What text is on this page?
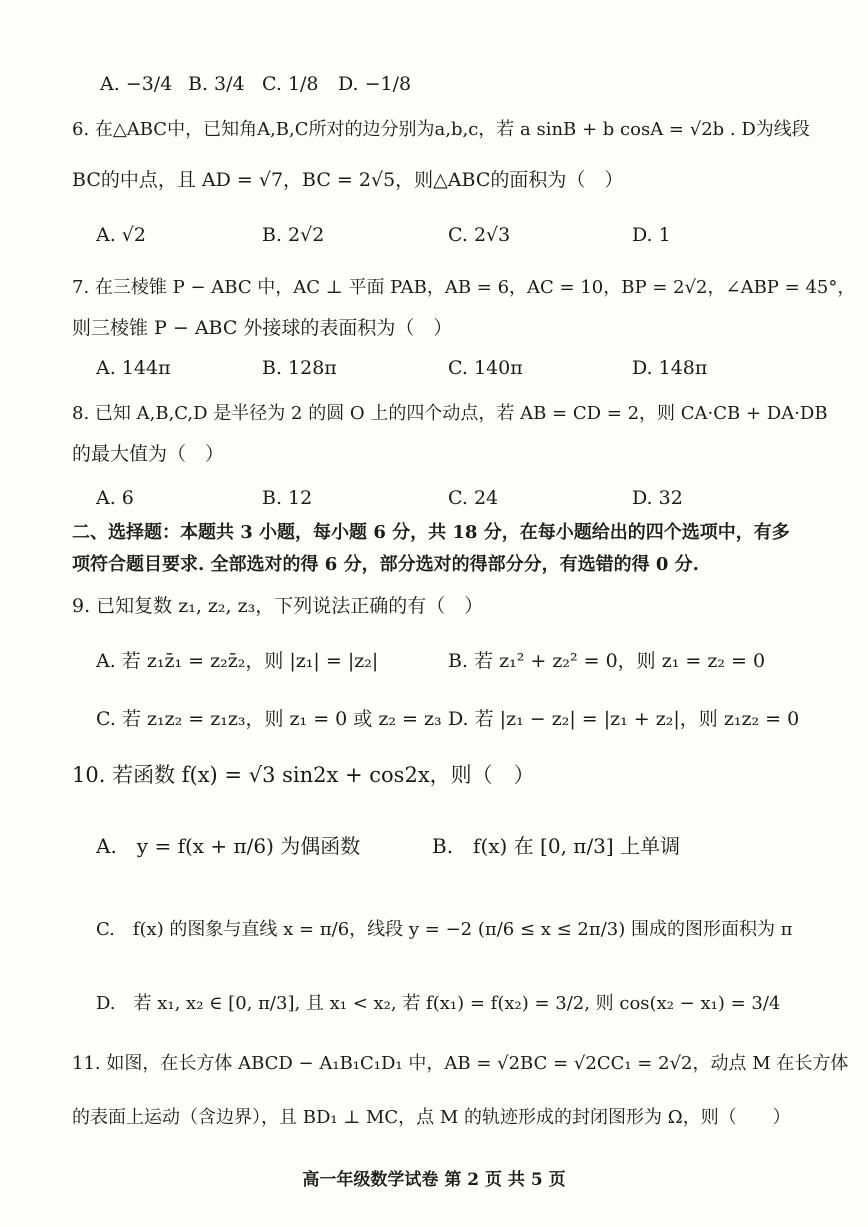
A. −3/4 B. 3/4 C. 1/8 D. −1/8
6. 在△ABC中，已知角A,B,C所对的边分别为a,b,c，若 a sinB + b cosA = √2b . D为线段
BC的中点，且 AD = √7，BC = 2√5，则△ABC的面积为（　）
A. √2	B. 2√2	C. 2√3	D. 1
7. 在三棱锥 P − ABC 中，AC ⊥ 平面 PAB，AB = 6，AC = 10，BP = 2√2，∠ABP = 45°，
则三棱锥 P − ABC 外接球的表面积为（　）
A. 144π	B. 128π	C. 140π	D. 148π
8. 已知 A,B,C,D 是半径为 2 的圆 O 上的四个动点，若 AB = CD = 2，则 CA·CB + DA·DB
的最大值为（　）
A. 6	B. 12	C. 24	D. 32
二、选择题：本题共 3 小题，每小题 6 分，共 18 分，在每小题给出的四个选项中，有多
项符合题目要求. 全部选对的得 6 分，部分选对的得部分分，有选错的得 0 分.
9. 已知复数 z₁, z₂, z₃，下列说法正确的有（　）
A. 若 z₁z̄₁ = z₂z̄₂，则 |z₁| = |z₂|	B. 若 z₁² + z₂² = 0，则 z₁ = z₂ = 0
C. 若 z₁z₂ = z₁z₃，则 z₁ = 0 或 z₂ = z₃ D. 若 |z₁ − z₂| = |z₁ + z₂|，则 z₁z₂ = 0
10. 若函数 f(x) = √3 sin2x + cos2x，则（　）
A.　y = f(x + π/6) 为偶函数	B.　f(x) 在 [0, π/3] 上单调
C.　f(x) 的图象与直线 x = π/6，线段 y = −2 (π/6 ≤ x ≤ 2π/3) 围成的图形面积为 π
D.　若 x₁, x₂ ∈ [0, π/3], 且 x₁ < x₂, 若 f(x₁) = f(x₂) = 3/2, 则 cos(x₂ − x₁) = 3/4
11. 如图，在长方体 ABCD − A₁B₁C₁D₁ 中，AB = √2BC = √2CC₁ = 2√2，动点 M 在长方体
的表面上运动（含边界），且 BD₁ ⊥ MC，点 M 的轨迹形成的封闭图形为 Ω，则（　　）
高一年级数学试卷 第 2 页 共 5 页
